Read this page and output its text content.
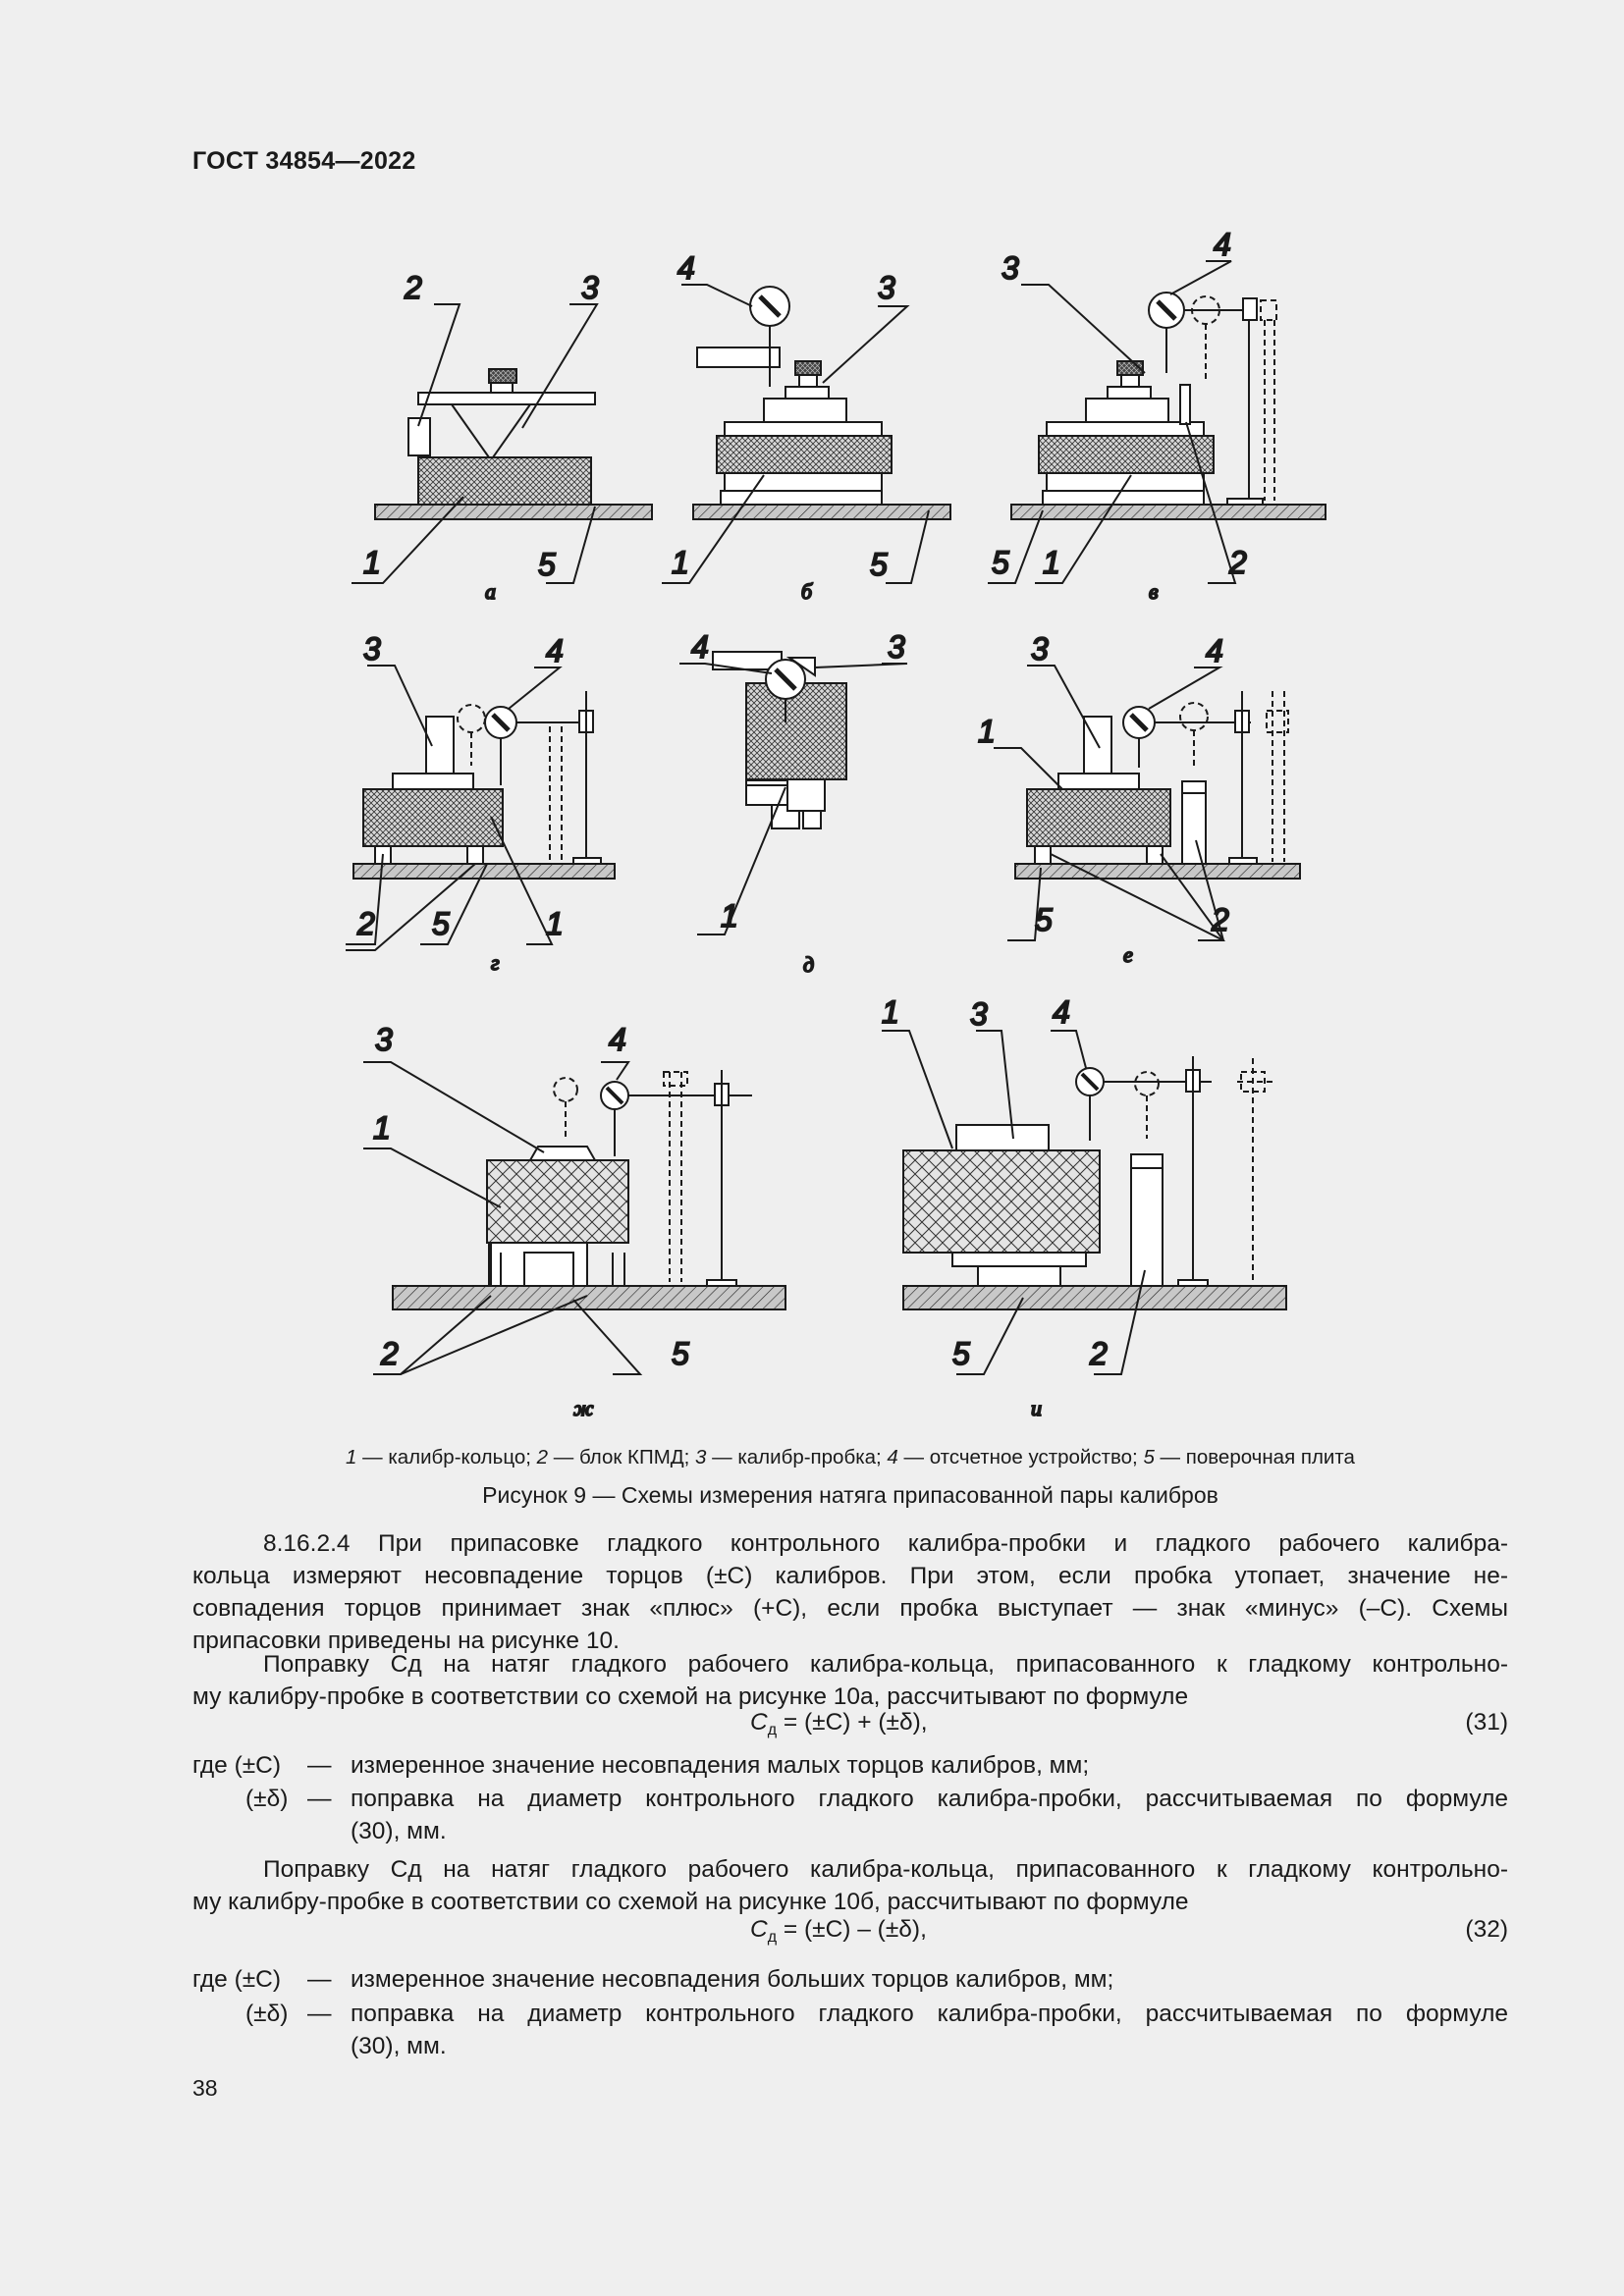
ГОСТ 34854—2022
2	3
1	5
а
4
3
1	5
б
3
4
5 1	2
в
3	4
2 5	1
г
4	3
1
д
1
3	4
5	2
е
3
1
4
2	5
ж
1 3 4
5	2
и
1 — калибр-кольцо; 2 — блок КПМД; 3 — калибр-пробка; 4 — отсчетное устройство; 5 — поверочная плита
Рисунок 9 — Схемы измерения натяга припасованной пары калибров
8.16.2.4 При припасовке гладкого контрольного калибра-пробки и гладкого рабочего калибра-
кольца измеряют несовпадение торцов (±C) калибров. При этом, если пробка утопает, значение не-
совпадения торцов принимает знак «плюс» (+C), если пробка выступает — знак «минус» (–C). Схемы
припасовки приведены на рисунке 10.
Поправку Cд на натяг гладкого рабочего калибра-кольца, припасованного к гладкому контрольно-
му калибру-пробке в соответствии со схемой на рисунке 10а, рассчитывают по формуле
$C_д = (\pm C) + (\pm\delta)$,	(31)
где (±C) — измеренное значение несовпадения малых торцов калибров, мм;
(±δ) — поправка на диаметр контрольного гладкого калибра-пробки, рассчитываемая по формуле
(30), мм.
Поправку Cд на натяг гладкого рабочего калибра-кольца, припасованного к гладкому контрольно-
му калибру-пробке в соответствии со схемой на рисунке 10б, рассчитывают по формуле
$C_д = (\pm C) - (\pm\delta)$,	(32)
где (±C) — измеренное значение несовпадения больших торцов калибров, мм;
(±δ) — поправка на диаметр контрольного гладкого калибра-пробки, рассчитываемая по формуле
(30), мм.
38
